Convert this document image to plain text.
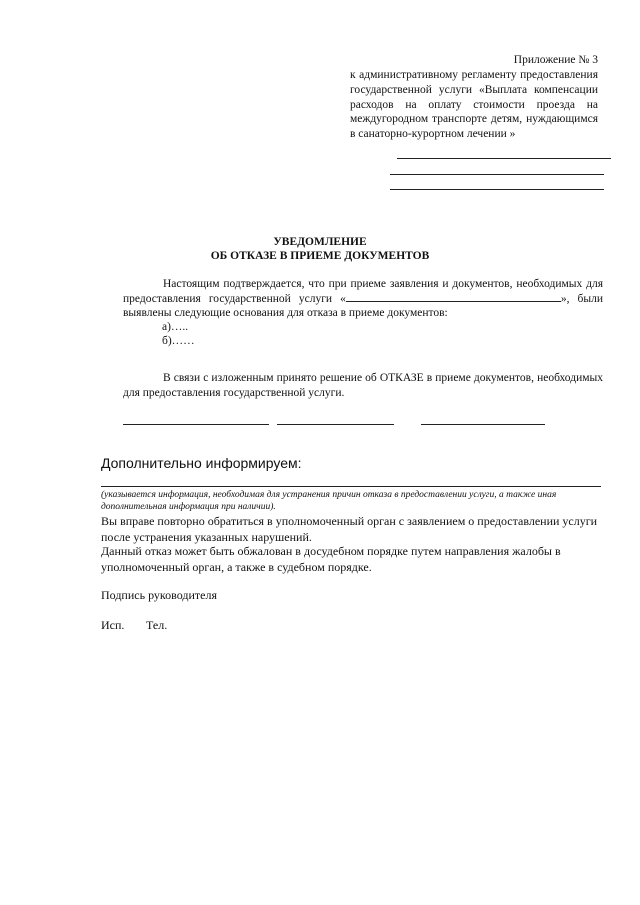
Приложение № 3
к административному регламенту предоставления государственной услуги «Выплата компенсации расходов на оплату стоимости проезда на междугородном транспорте детям, нуждающимся в санаторно-курортном лечении »
УВЕДОМЛЕНИЕ
ОБ ОТКАЗЕ В ПРИЕМЕ ДОКУМЕНТОВ
Настоящим подтверждается, что при приеме заявления и документов, необходимых для предоставления государственной услуги «	», были выявлены следующие основания для отказа в приеме документов:
а)…..
б)……
В связи с изложенным принято решение об ОТКАЗЕ в приеме документов, необходимых для предоставления государственной услуги.
Дополнительно информируем:
(указывается информация, необходимая для устранения причин отказа в предоставлении услуги, а также иная дополнительная информация при наличии).
Вы вправе повторно обратиться в уполномоченный орган с заявлением о предоставлении услуги после устранения указанных нарушений.
Данный отказ может быть обжалован в досудебном порядке путем направления жалобы в уполномоченный орган, а также в судебном порядке.
Подпись руководителя
Исп. Тел.
